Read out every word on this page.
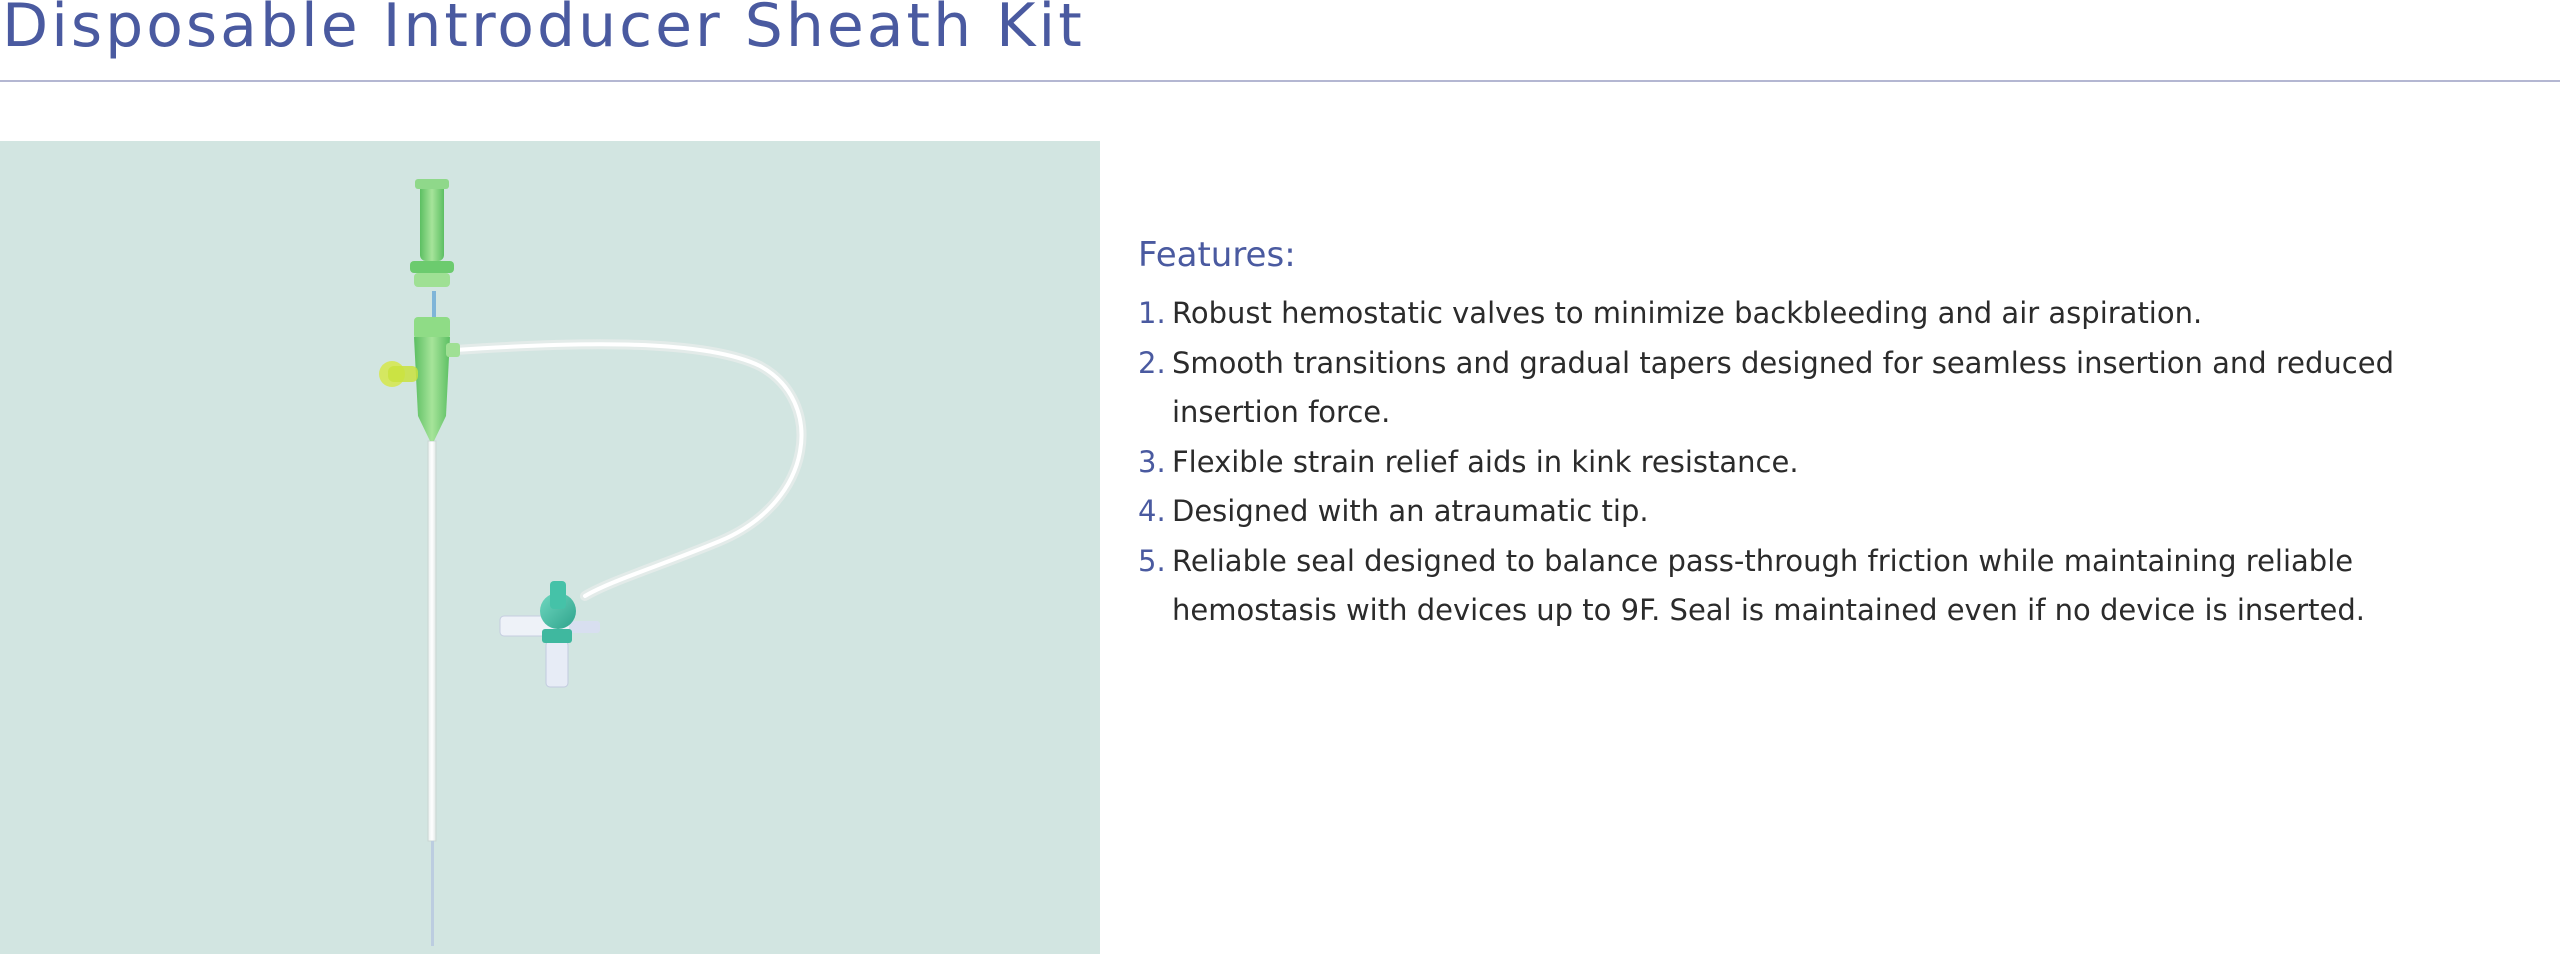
Disposable Introducer Sheath Kit
Features:
1. Robust hemostatic valves to minimize backbleeding and air aspiration.
2. Smooth transitions and gradual tapers designed for seamless insertion and reduced insertion force.
3. Flexible strain relief aids in kink resistance.
4. Designed with an atraumatic tip.
5. Reliable seal designed to balance pass-through friction while maintaining reliable hemostasis with devices up to 9F. Seal is maintained even if no device is inserted.
